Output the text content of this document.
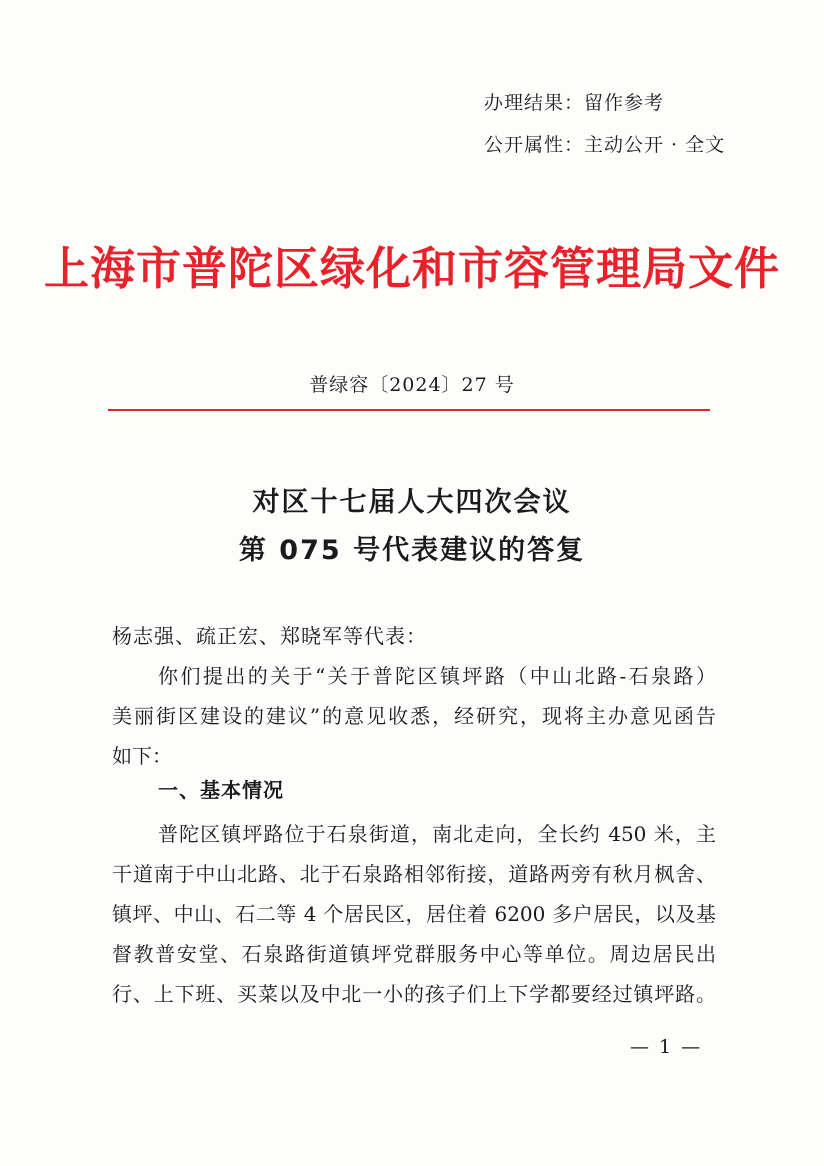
办理结果：留作参考
公开属性：主动公开 · 全文
上海市普陀区绿化和市容管理局文件
普绿容〔2024〕27 号
对区十七届人大四次会议
第 075 号代表建议的答复
杨志强、疏正宏、郑晓军等代表：
你们提出的关于“关于普陀区镇坪路（中山北路-石泉路）
美丽街区建设的建议”的意见收悉，经研究，现将主办意见函告
如下：
一、基本情况
普陀区镇坪路位于石泉街道，南北走向，全长约 450 米，主
干道南于中山北路、北于石泉路相邻衔接，道路两旁有秋月枫舍、
镇坪、中山、石二等 4 个居民区，居住着 6200 多户居民，以及基
督教普安堂、石泉路街道镇坪党群服务中心等单位。周边居民出
行、上下班、买菜以及中北一小的孩子们上下学都要经过镇坪路。
— 1 —
